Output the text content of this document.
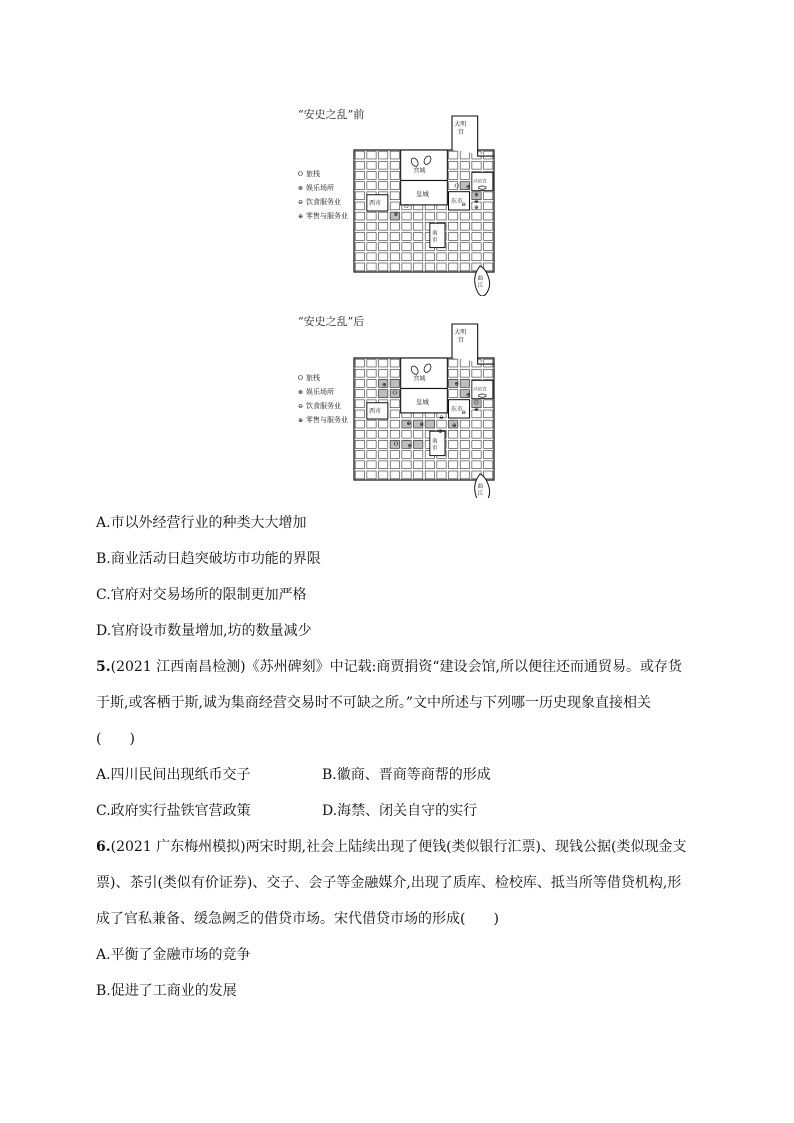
“安史之乱”前
宫城
皇城
大明
宫
兴庆宫
东市
西市
南
市
曲
江
⊕
⊕
⊕
⊕
⊖
O
O
⊗
O 旅栈
⊗ 娱乐场所
⊖ 饮食服务业
⊕ 零售与服务业
“安史之乱”后
宫城
皇城
大明
宫
兴庆宫
东市
西市
南
市
曲
江
⊕
O
⊕
⊕
O
⊕
⊖
⊕ ⊗
⊕
⊕
O ⊕
⊖
O 旅栈
⊗ 娱乐场所
⊖ 饮食服务业
⊕ 零售与服务业
A.市以外经营行业的种类大大增加
B.商业活动日趋突破坊市功能的界限
C.官府对交易场所的限制更加严格
D.官府设市数量增加,坊的数量减少
5.(2021 江西南昌检测)《苏州碑刻》中记载:商贾捐资“建设会馆,所以便往还而通贸易。或存货
于斯,或客栖于斯,诚为集商经营交易时不可缺之所。”文中所述与下列哪一历史现象直接相关
(　　)
A.四川民间出现纸币交子	B.徽商、晋商等商帮的形成
C.政府实行盐铁官营政策	D.海禁、闭关自守的实行
6.(2021 广东梅州模拟)两宋时期,社会上陆续出现了便钱(类似银行汇票)、现钱公据(类似现金支
票)、茶引(类似有价证券)、交子、会子等金融媒介,出现了质库、检校库、抵当所等借贷机构,形
成了官私兼备、缓急阙乏的借贷市场。宋代借贷市场的形成(　　)
A.平衡了金融市场的竞争
B.促进了工商业的发展
